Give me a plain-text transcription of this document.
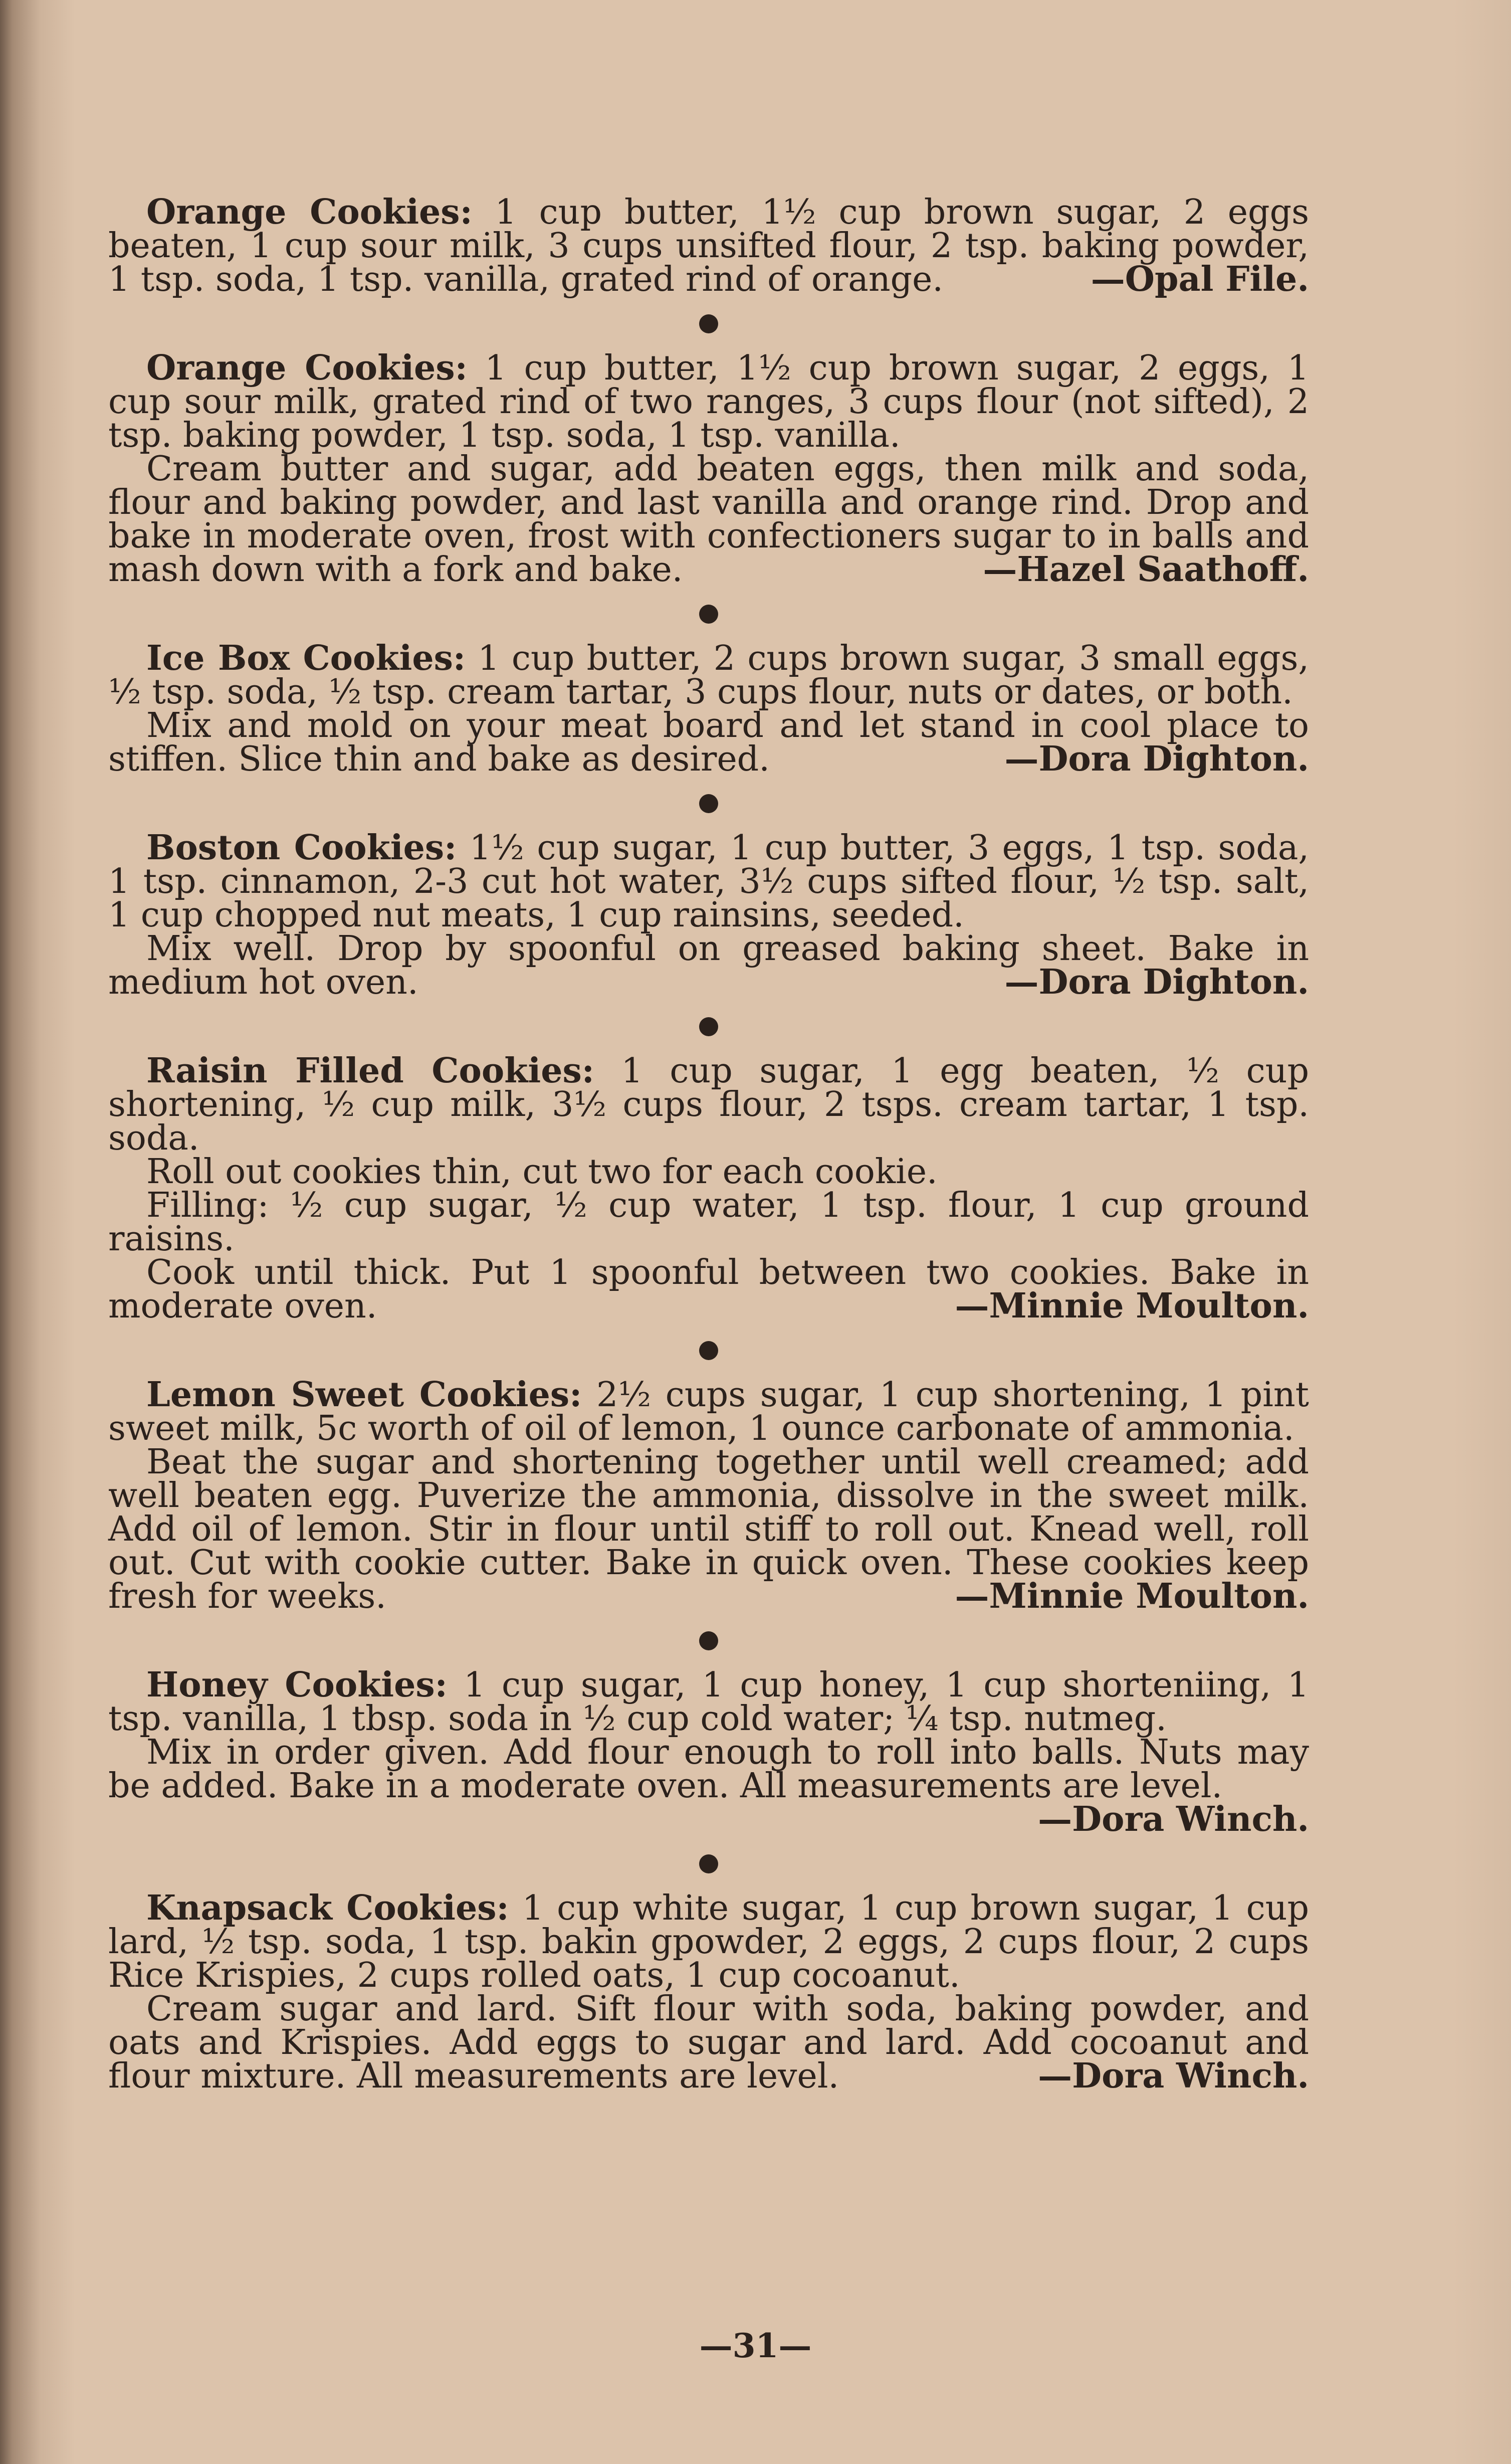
Orange Cookies: 1 cup butter, 1½ cup brown sugar, 2 eggs beaten, 1 cup sour milk, 3 cups unsifted flour, 2 tsp. baking powder, 1 tsp. soda, 1 tsp. vanilla, grated rind of orange.	—Opal File.

Orange Cookies: 1 cup butter, 1½ cup brown sugar, 2 eggs, 1 cup sour milk, grated rind of two ranges, 3 cups flour (not sifted), 2 tsp. baking powder, 1 tsp. soda, 1 tsp. vanilla.

Cream butter and sugar, add beaten eggs, then milk and soda, flour and baking powder, and last vanilla and orange rind. Drop and bake in moderate oven, frost with confectioners sugar to in balls and mash down with a fork and bake.	—Hazel Saathoff.

Ice Box Cookies: 1 cup butter, 2 cups brown sugar, 3 small eggs, ½ tsp. soda, ½ tsp. cream tartar, 3 cups flour, nuts or dates, or both.

Mix and mold on your meat board and let stand in cool place to stiffen. Slice thin and bake as desired.	—Dora Dighton.

Boston Cookies: 1½ cup sugar, 1 cup butter, 3 eggs, 1 tsp. soda, 1 tsp. cinnamon, 2-3 cut hot water, 3½ cups sifted flour, ½ tsp. salt, 1 cup chopped nut meats, 1 cup rainsins, seeded.

Mix well. Drop by spoonful on greased baking sheet. Bake in medium hot oven.	—Dora Dighton.

Raisin Filled Cookies: 1 cup sugar, 1 egg beaten, ½ cup shortening, ½ cup milk, 3½ cups flour, 2 tsps. cream tartar, 1 tsp. soda.

Roll out cookies thin, cut two for each cookie.

Filling: ½ cup sugar, ½ cup water, 1 tsp. flour, 1 cup ground raisins.

Cook until thick. Put 1 spoonful between two cookies. Bake in moderate oven.	—Minnie Moulton.

Lemon Sweet Cookies: 2½ cups sugar, 1 cup shortening, 1 pint sweet milk, 5c worth of oil of lemon, 1 ounce carbonate of ammonia.

Beat the sugar and shortening together until well creamed; add well beaten egg. Puverize the ammonia, dissolve in the sweet milk. Add oil of lemon. Stir in flour until stiff to roll out. Knead well, roll out. Cut with cookie cutter. Bake in quick oven. These cookies keep fresh for weeks.	—Minnie Moulton.

Honey Cookies: 1 cup sugar, 1 cup honey, 1 cup shorteniing, 1 tsp. vanilla, 1 tbsp. soda in ½ cup cold water; ¼ tsp. nutmeg.

Mix in order given. Add flour enough to roll into balls. Nuts may be added. Bake in a moderate oven. All measurements are level.

—Dora Winch.

Knapsack Cookies: 1 cup white sugar, 1 cup brown sugar, 1 cup lard, ½ tsp. soda, 1 tsp. bakin gpowder, 2 eggs, 2 cups flour, 2 cups Rice Krispies, 2 cups rolled oats, 1 cup cocoanut.

Cream sugar and lard. Sift flour with soda, baking powder, and oats and Krispies. Add eggs to sugar and lard. Add cocoanut and flour mixture. All measurements are level.	—Dora Winch.

—31—
